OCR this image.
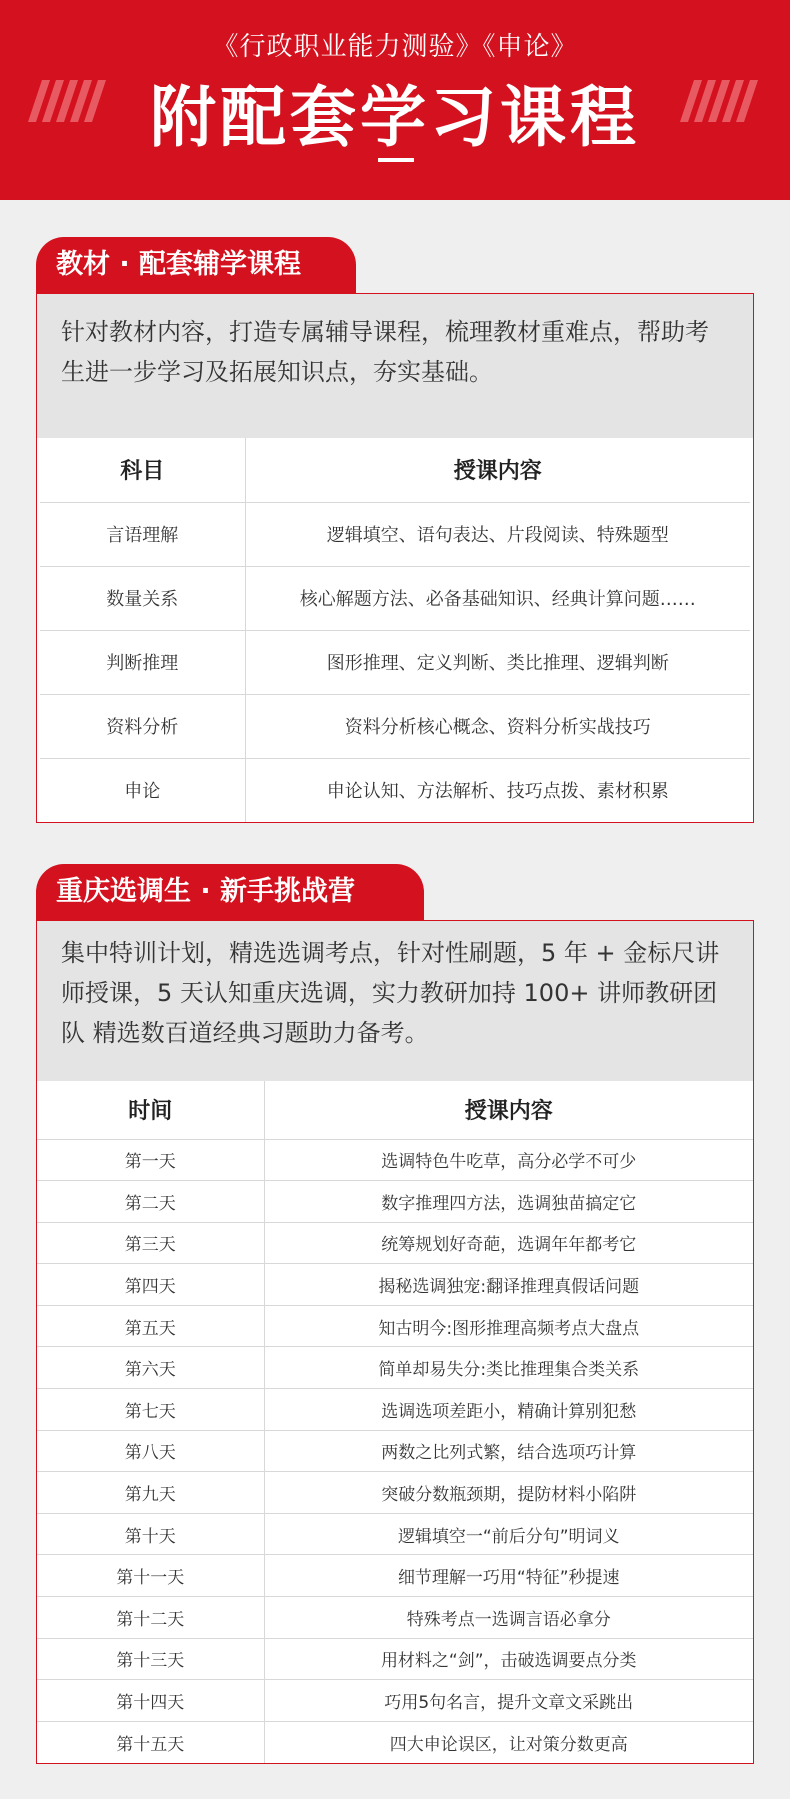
《行政职业能力测验》《申论》
附配套学习课程
教材 · 配套辅学课程
针对教材内容，打造专属辅导课程，梳理教材重难点，帮助考生进一步学习及拓展知识点，夯实基础。
科目	授课内容
言语理解	逻辑填空、语句表达、片段阅读、特殊题型
数量关系	核心解题方法、必备基础知识、经典计算问题……
判断推理	图形推理、定义判断、类比推理、逻辑判断
资料分析	资料分析核心概念、资料分析实战技巧
申论	申论认知、方法解析、技巧点拨、素材积累
重庆选调生 · 新手挑战营
集中特训计划，精选选调考点，针对性刷题，5 年 + 金标尺讲师授课，5 天认知重庆选调，实力教研加持 100+ 讲师教研团队 精选数百道经典习题助力备考。
时间	授课内容
第一天	选调特色牛吃草，高分必学不可少
第二天	数字推理四方法，选调独苗搞定它
第三天	统筹规划好奇葩，选调年年都考它
第四天	揭秘选调独宠:翻译推理真假话问题
第五天	知古明今:图形推理高频考点大盘点
第六天	简单却易失分:类比推理集合类关系
第七天	选调选项差距小，精确计算别犯愁
第八天	两数之比列式繁，结合选项巧计算
第九天	突破分数瓶颈期，提防材料小陷阱
第十天	逻辑填空一“前后分句”明词义
第十一天	细节理解一巧用“特征”秒提速
第十二天	特殊考点一选调言语必拿分
第十三天	用材料之“剑”，击破选调要点分类
第十四天	巧用5句名言，提升文章文采跳出
第十五天	四大申论误区，让对策分数更高
